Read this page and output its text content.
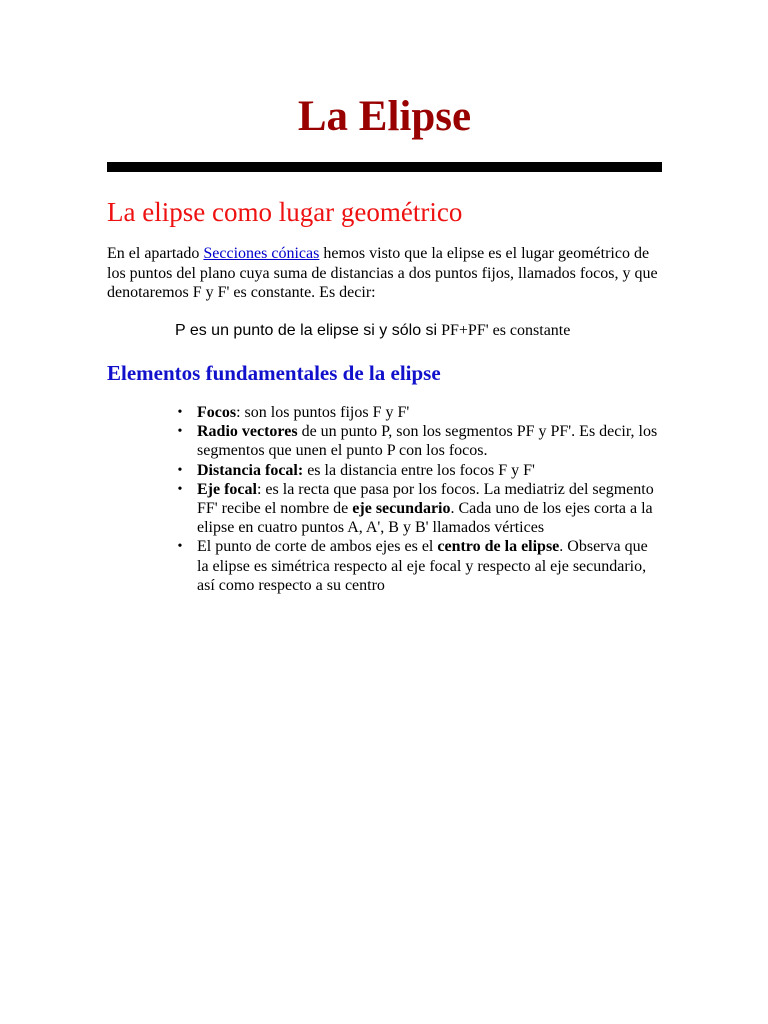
La Elipse
La elipse como lugar geométrico

En el apartado Secciones cónicas hemos visto que la elipse es el lugar geométrico de los puntos del plano cuya suma de distancias a dos puntos fijos, llamados focos, y que denotaremos F y F' es constante. Es decir:

P es un punto de la elipse si y sólo si PF+PF' es constante
Elementos fundamentales de la elipse
• Focos: son los puntos fijos F y F'
• Radio vectores de un punto P, son los segmentos PF y PF'. Es decir, los segmentos que unen el punto P con los focos.
• Distancia focal: es la distancia entre los focos F y F'
• Eje focal: es la recta que pasa por los focos. La mediatriz del segmento FF' recibe el nombre de eje secundario. Cada uno de los ejes corta a la elipse en cuatro puntos A, A', B y B' llamados vértices
• El punto de corte de ambos ejes es el centro de la elipse. Observa que la elipse es simétrica respecto al eje focal y respecto al eje secundario, así como respecto a su centro
